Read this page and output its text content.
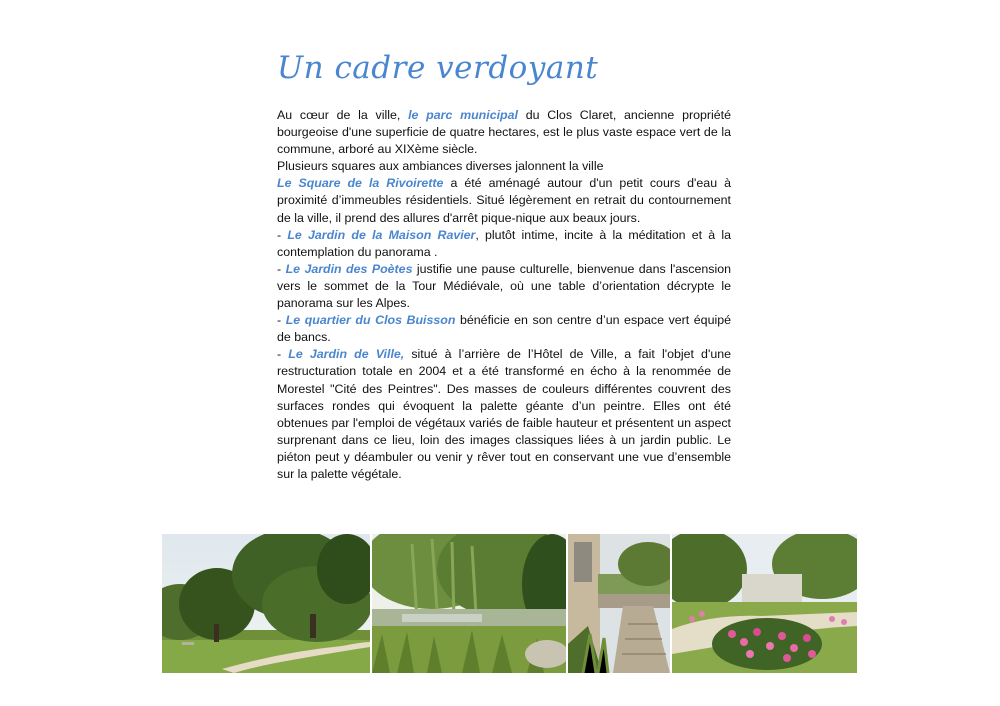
Un cadre verdoyant

Au cœur de la ville, le parc municipal du Clos Claret, ancienne propriété bourgeoise d'une superficie de quatre hectares, est le plus vaste espace vert de la commune, arboré au XIXème siècle.

Plusieurs squares aux ambiances diverses jalonnent la ville

Le Square de la Rivoirette a été aménagé autour d'un petit cours d'eau à proximité d’immeubles résidentiels. Situé légèrement en retrait du contournement de la ville, il prend des allures d'arrêt pique-nique aux beaux jours.

- Le Jardin de la Maison Ravier, plutôt intime, incite à la méditation et à la contemplation du panorama .

- Le Jardin des Poètes justifie une pause culturelle, bienvenue dans l'ascension vers le sommet de la Tour Médiévale, où une table d’orientation décrypte le panorama sur les Alpes.

- Le quartier du Clos Buisson bénéficie en son centre d’un espace vert équipé de bancs.

- Le Jardin de Ville, situé à l’arrière de l’Hôtel de Ville, a fait l'objet d'une restructuration totale en 2004 et a été transformé en écho à la renommée de Morestel "Cité des Peintres". Des masses de couleurs différentes couvrent des surfaces rondes qui évoquent la palette géante d’un peintre. Elles ont été obtenues par l'emploi de végétaux variés de faible hauteur et présentent un aspect surprenant dans ce lieu, loin des images classiques liées à un jardin public. Le piéton peut y déambuler ou venir y rêver tout en conservant une vue d’ensemble sur la palette végétale.
